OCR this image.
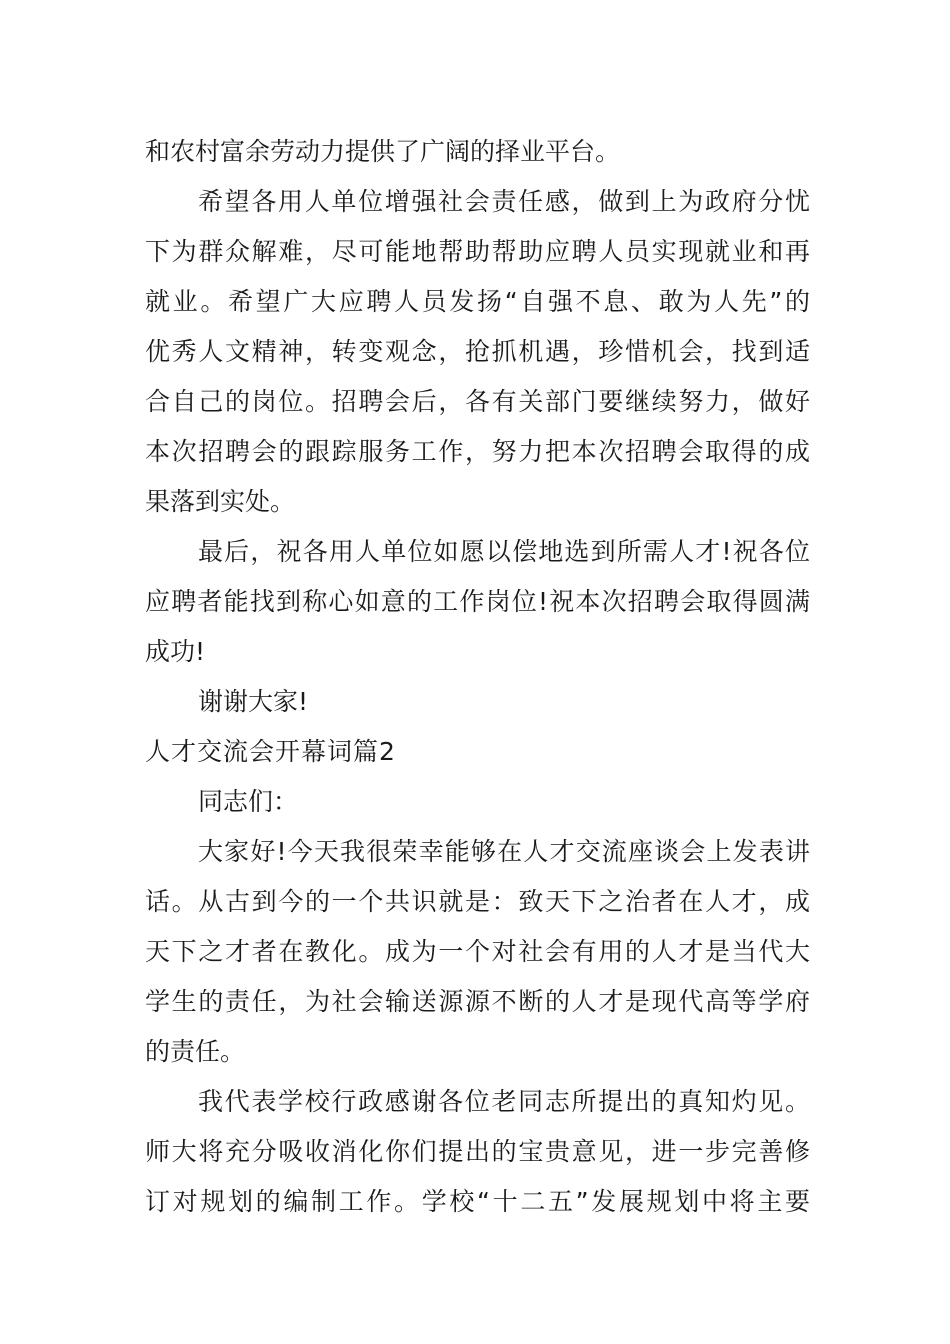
和农村富余劳动力提供了广阔的择业平台。
希望各用人单位增强社会责任感，做到上为政府分忧
下为群众解难，尽可能地帮助帮助应聘人员实现就业和再
就业。希望广大应聘人员发扬“自强不息、敢为人先”的
优秀人文精神，转变观念，抢抓机遇，珍惜机会，找到适
合自己的岗位。招聘会后，各有关部门要继续努力，做好
本次招聘会的跟踪服务工作，努力把本次招聘会取得的成
果落到实处。
最后，祝各用人单位如愿以偿地选到所需人才!祝各位
应聘者能找到称心如意的工作岗位!祝本次招聘会取得圆满
成功!
谢谢大家!
人才交流会开幕词篇2
同志们：
大家好!今天我很荣幸能够在人才交流座谈会上发表讲
话。从古到今的一个共识就是：致天下之治者在人才，成
天下之才者在教化。成为一个对社会有用的人才是当代大
学生的责任，为社会输送源源不断的人才是现代高等学府
的责任。
我代表学校行政感谢各位老同志所提出的真知灼见。
师大将充分吸收消化你们提出的宝贵意见，进一步完善修
订对规划的编制工作。学校“十二五”发展规划中将主要
